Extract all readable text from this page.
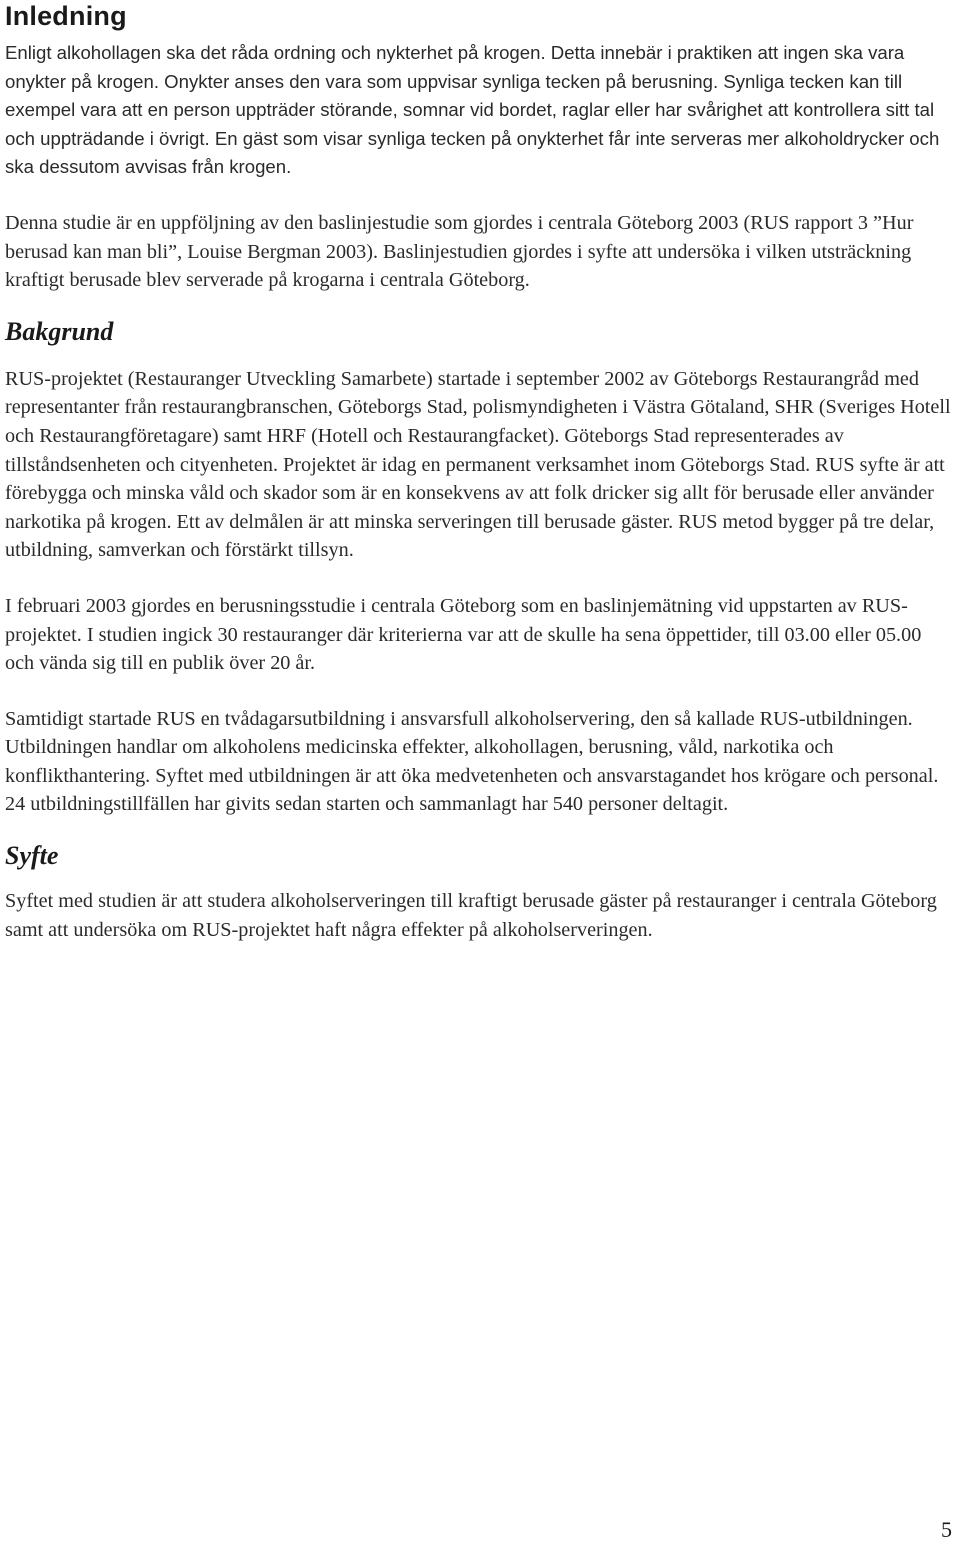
Inledning

Enligt alkohollagen ska det råda ordning och nykterhet på krogen. Detta innebär i praktiken att ingen ska vara onykter på krogen. Onykter anses den vara som uppvisar synliga tecken på berusning. Synliga tecken kan till exempel vara att en person uppträder störande, somnar vid bordet, raglar eller har svårighet att kontrollera sitt tal och uppträdande i övrigt. En gäst som visar synliga tecken på onykterhet får inte serveras mer alkoholdrycker och ska dessutom avvisas från krogen.

Denna studie är en uppföljning av den baslinjestudie som gjordes i centrala Göteborg 2003 (RUS rapport 3 ”Hur berusad kan man bli”, Louise Bergman 2003). Baslinjestudien gjordes i syfte att undersöka i vilken utsträckning kraftigt berusade blev serverade på krogarna i centrala Göteborg.

Bakgrund

RUS-projektet (Restauranger Utveckling Samarbete) startade i september 2002 av Göteborgs Restaurangråd med representanter från restaurangbranschen, Göteborgs Stad, polismyndigheten i Västra Götaland, SHR (Sveriges Hotell och Restaurangföretagare) samt HRF (Hotell och Restaurangfacket). Göteborgs Stad representerades av tillståndsenheten och cityenheten. Projektet är idag en permanent verksamhet inom Göteborgs Stad. RUS syfte är att förebygga och minska våld och skador som är en konsekvens av att folk dricker sig allt för berusade eller använder narkotika på krogen. Ett av delmålen är att minska serveringen till berusade gäster. RUS metod bygger på tre delar, utbildning, samverkan och förstärkt tillsyn.

I februari 2003 gjordes en berusningsstudie i centrala Göteborg som en baslinjemätning vid uppstarten av RUS-projektet. I studien ingick 30 restauranger där kriterierna var att de skulle ha sena öppettider, till 03.00 eller 05.00 och vända sig till en publik över 20 år.

Samtidigt startade RUS en tvådagarsutbildning i ansvarsfull alkoholservering, den så kallade RUS-utbildningen. Utbildningen handlar om alkoholens medicinska effekter, alkohollagen, berusning, våld, narkotika och konflikthantering. Syftet med utbildningen är att öka medvetenheten och ansvarstagandet hos krögare och personal. 24 utbildningstillfällen har givits sedan starten och sammanlagt har 540 personer deltagit.

Syfte

Syftet med studien är att studera alkoholserveringen till kraftigt berusade gäster på restauranger i centrala Göteborg samt att undersöka om RUS-projektet haft några effekter på alkoholserveringen.

5
